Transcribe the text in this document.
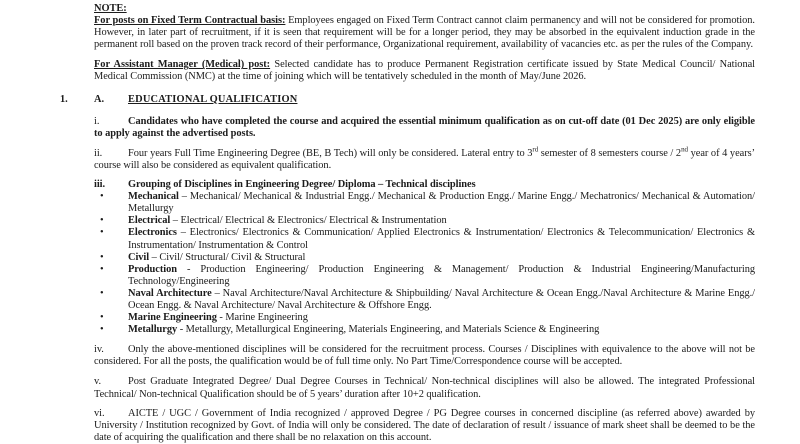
NOTE:

For posts on Fixed Term Contractual basis: Employees engaged on Fixed Term Contract cannot claim permanency and will not be considered for promotion. However, in later part of recruitment, if it is seen that requirement will be for a longer period, they may be absorbed in the equivalent induction grade in the permanent roll based on the proven track record of their performance, Organizational requirement, availability of vacancies etc. as per the rules of the Company.

For Assistant Manager (Medical) post: Selected candidate has to produce Permanent Registration certificate issued by State Medical Council/ National Medical Commission (NMC) at the time of joining which will be tentatively scheduled in the month of May/June 2026.

1.	A. EDUCATIONAL QUALIFICATION

i.	Candidates who have completed the course and acquired the essential minimum qualification as on cut-off date (01 Dec 2025) are only eligible to apply against the advertised posts.

ii. Four years Full Time Engineering Degree (BE, B Tech) will only be considered. Lateral entry to 3rd semester of 8 semesters course / 2nd year of 4 years’ course will also be considered as equivalent qualification.

iii. Grouping of Disciplines in Engineering Degree/ Diploma – Technical disciplines

• Mechanical – Mechanical/ Mechanical & Industrial Engg./ Mechanical & Production Engg./ Marine Engg./ Mechatronics/ Mechanical & Automation/ Metallurgy
• Electrical – Electrical/ Electrical & Electronics/ Electrical & Instrumentation
• Electronics – Electronics/ Electronics & Communication/ Applied Electronics & Instrumentation/ Electronics & Telecommunication/ Electronics & Instrumentation/ Instrumentation & Control
• Civil – Civil/ Structural/ Civil & Structural
• Production - Production Engineering/ Production Engineering & Management/ Production & Industrial Engineering/Manufacturing Technology/Engineering
• Naval Architecture – Naval Architecture/Naval Architecture & Shipbuilding/ Naval Architecture & Ocean Engg./Naval Architecture & Marine Engg./ Ocean Engg. & Naval Architecture/ Naval Architecture & Offshore Engg.
• Marine Engineering - Marine Engineering
• Metallurgy - Metallurgy, Metallurgical Engineering, Materials Engineering, and Materials Science & Engineering

iv. Only the above-mentioned disciplines will be considered for the recruitment process. Courses / Disciplines with equivalence to the above will not be considered. For all the posts, the qualification would be of full time only. No Part Time/Correspondence course will be accepted.

v.	Post Graduate Integrated Degree/ Dual Degree Courses in Technical/ Non-technical disciplines will also be allowed. The integrated Professional Technical/ Non-technical Qualification should be of 5 years’ duration after 10+2 qualification.

vi. AICTE / UGC / Government of India recognized / approved Degree / PG Degree courses in concerned discipline (as referred above) awarded by University / Institution recognized by Govt. of India will only be considered. The date of declaration of result / issuance of mark sheet shall be deemed to be the date of acquiring the qualification and there shall be no relaxation on this account.
